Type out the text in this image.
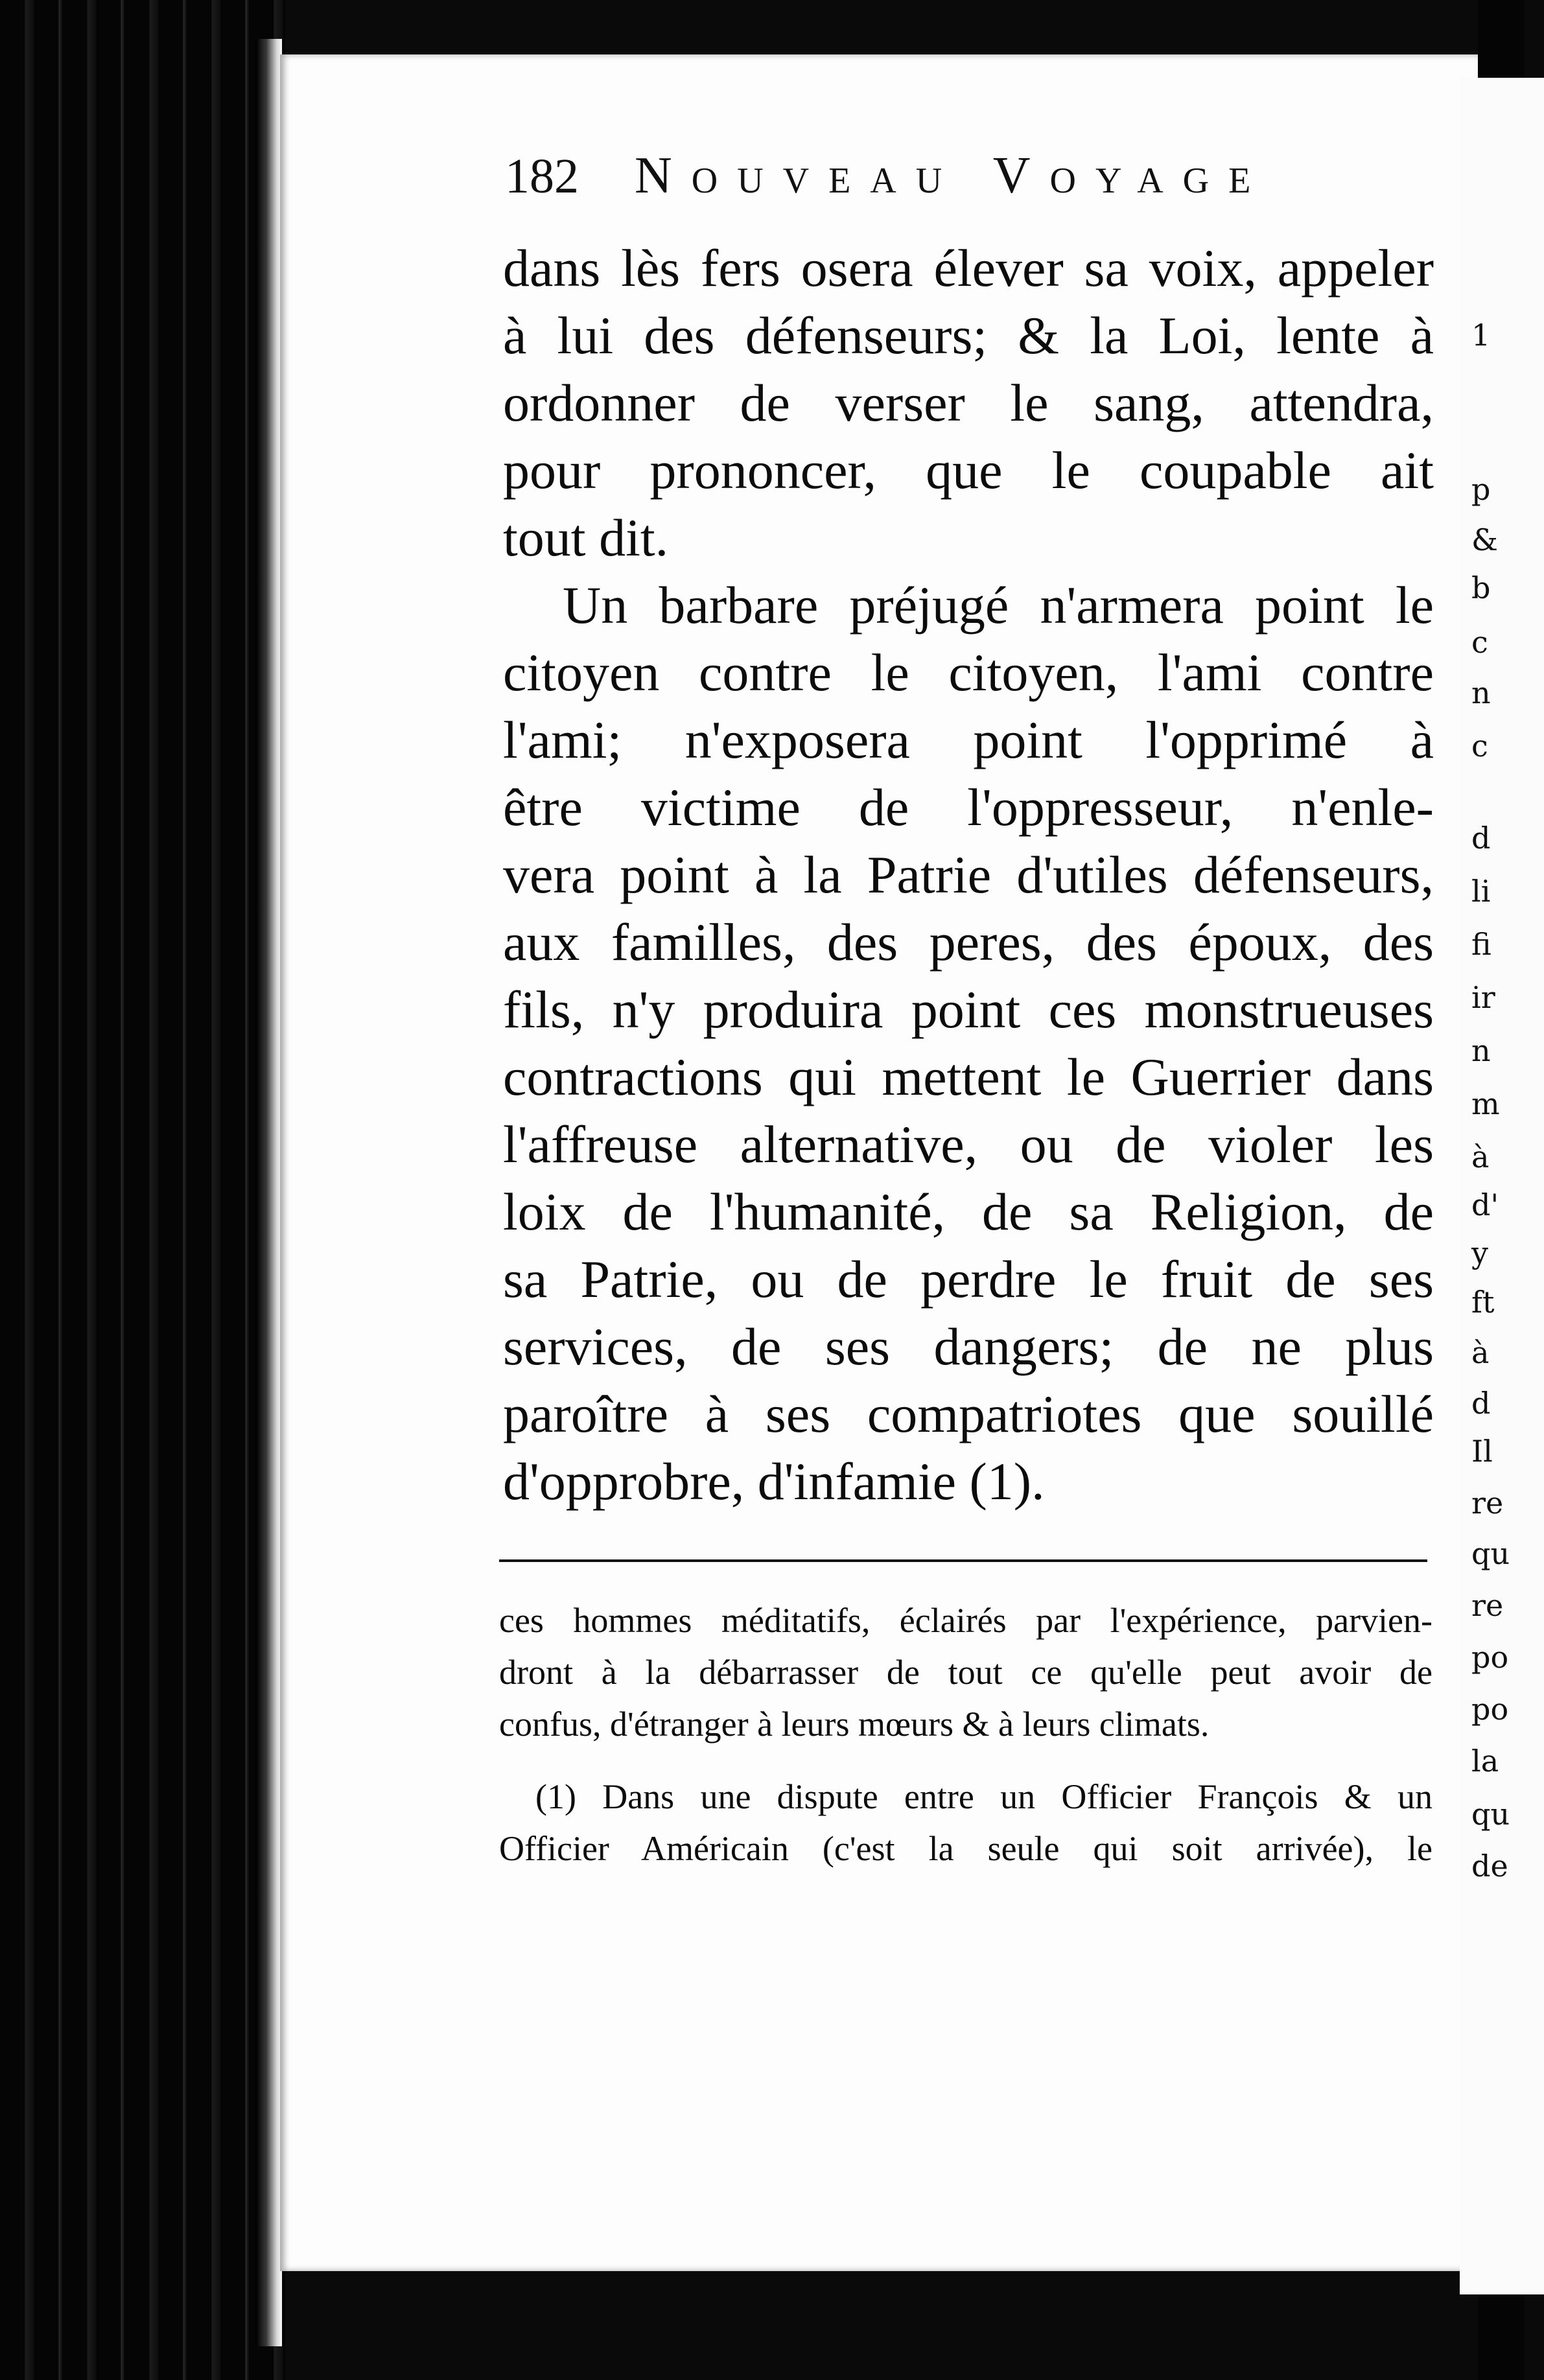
1
p
&
b
c
n
c
d
li
fi
ir
n
m
à
d'
y
ft
à
d
Il
re
qu
re
po
po
la
qu
de
182	Nouveau Voyage
dans lès fers osera élever sa voix, appeler
à lui des défenseurs; & la Loi, lente à
ordonner de verser le sang, attendra,
pour prononcer, que le coupable ait
tout dit.
Un barbare préjugé n'armera point le
citoyen contre le citoyen, l'ami contre
l'ami; n'exposera point l'opprimé à
être victime de l'oppresseur, n'enle-
vera point à la Patrie d'utiles défenseurs,
aux familles, des peres, des époux, des
fils, n'y produira point ces monstrueuses
contractions qui mettent le Guerrier dans
l'affreuse alternative, ou de violer les
loix de l'humanité, de sa Religion, de
sa Patrie, ou de perdre le fruit de ses
services, de ses dangers; de ne plus
paroître à ses compatriotes que souillé
d'opprobre, d'infamie (1).
ces hommes méditatifs, éclairés par l'expérience, parvien-
dront à la débarrasser de tout ce qu'elle peut avoir de
confus, d'étranger à leurs mœurs & à leurs climats.
(1) Dans une dispute entre un Officier François & un
Officier Américain (c'est la seule qui soit arrivée), le
